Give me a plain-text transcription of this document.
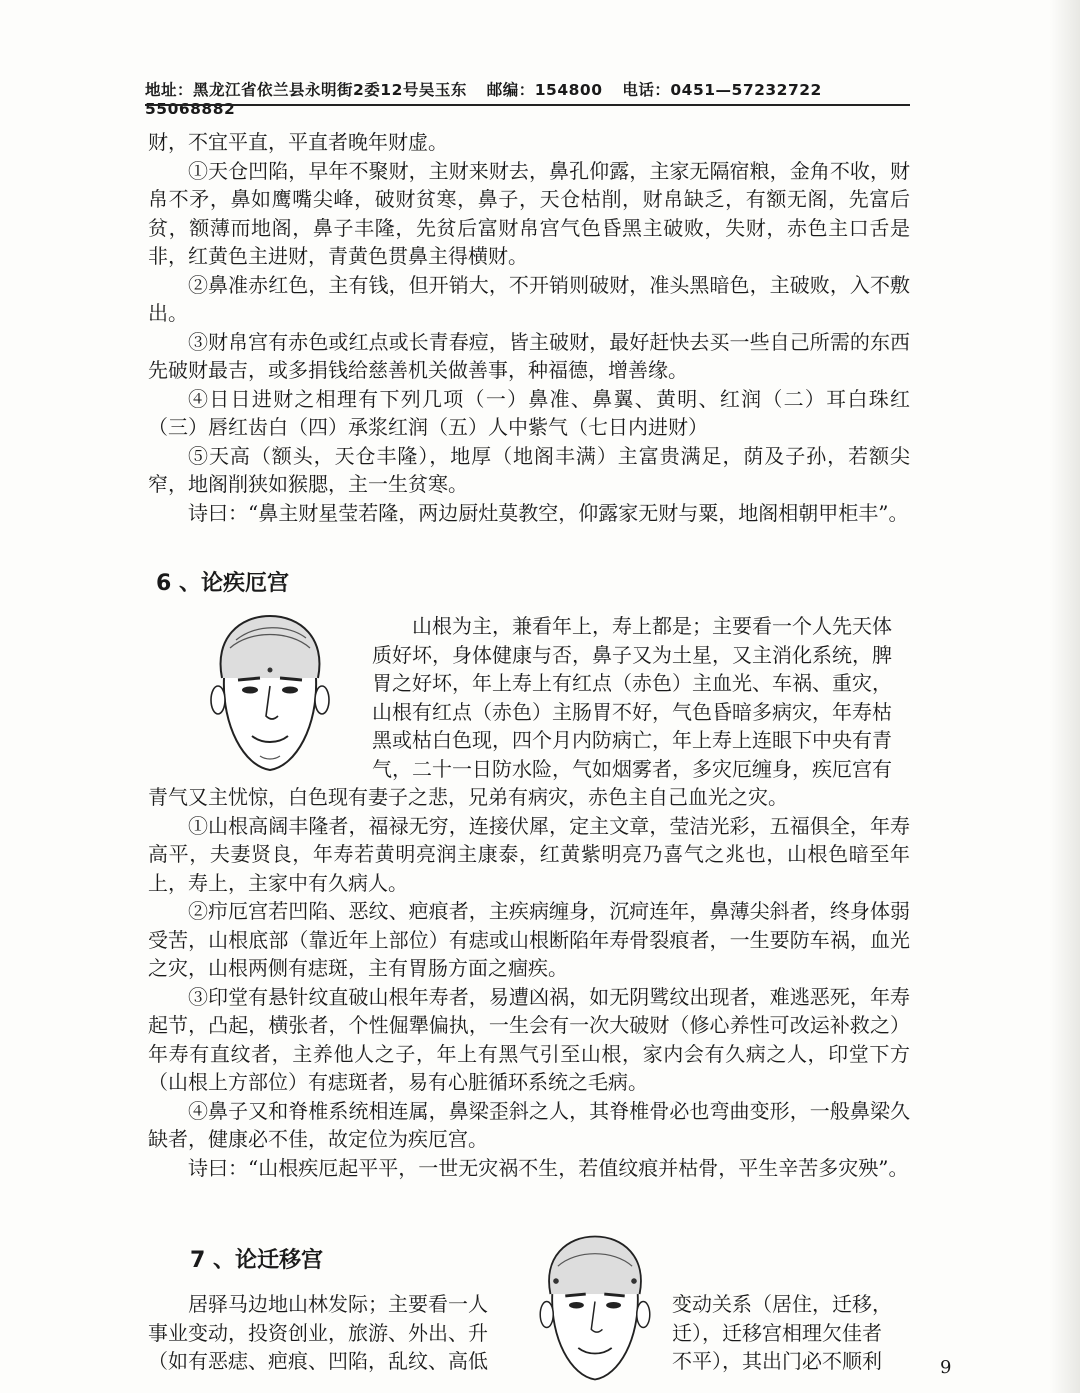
地址：黑龙江省依兰县永明街2委12号吴玉东 邮编：154800 电话：0451—57232722 55068882

财，不宜平直，平直者晚年财虚。

①天仓凹陷，早年不聚财，主财来财去，鼻孔仰露，主家无隔宿粮，金角不收，财帛不矛，鼻如鹰嘴尖峰，破财贫寒，鼻子，天仓枯削，财帛缺乏，有额无阁，先富后贫，额薄而地阁，鼻子丰隆，先贫后富财帛宫气色昏黑主破败，失财，赤色主口舌是非，红黄色主进财，青黄色贯鼻主得横财。

②鼻准赤红色，主有钱，但开销大，不开销则破财，准头黑暗色，主破败，入不敷出。

③财帛宫有赤色或红点或长青春痘，皆主破财，最好赶快去买一些自己所需的东西先破财最吉，或多捐钱给慈善机关做善事，种福德，增善缘。

④日日进财之相理有下列几项（一）鼻准、鼻翼、黄明、红润（二）耳白珠红（三）唇红齿白（四）承浆红润（五）人中紫气（七日内进财）

⑤天高（额头，天仓丰隆），地厚（地阁丰满）主富贵满足，荫及子孙，若额尖窄，地阁削狭如猴腮，主一生贫寒。

诗曰：“鼻主财星莹若隆，两边厨灶莫教空，仰露家无财与粟，地阁相朝甲柜丰”。

6 、论疾厄宫

山根为主，兼看年上，寿上都是；主要看一个人先天体

质好坏，身体健康与否，鼻子又为土星，又主消化系统，脾

胃之好坏，年上寿上有红点（赤色）主血光、车祸、重灾，

山根有红点（赤色）主肠胃不好，气色昏暗多病灾，年寿枯

黑或枯白色现，四个月内防病亡，年上寿上连眼下中央有青

气，二十一日防水险，气如烟雾者，多灾厄缠身，疾厄宫有

青气又主忧惊，白色现有妻子之悲，兄弟有病灾，赤色主自己血光之灾。

①山根高阔丰隆者，福禄无穷，连接伏犀，定主文章，莹洁光彩，五福俱全，年寿高平，夫妻贤良，年寿若黄明亮润主康泰，红黄紫明亮乃喜气之兆也，山根色暗至年上，寿上，主家中有久病人。

②疖厄宫若凹陷、恶纹、疤痕者，主疾病缠身，沉疴连年，鼻薄尖斜者，终身体弱受苦，山根底部（靠近年上部位）有痣或山根断陷年寿骨裂痕者，一生要防车祸，血光之灾，山根两侧有痣斑，主有胃肠方面之痼疾。

③印堂有悬针纹直破山根年寿者，易遭凶祸，如无阴骘纹出现者，难逃恶死，年寿起节，凸起，横张者，个性倔犟偏执，一生会有一次大破财（修心养性可改运补救之）年寿有直纹者，主养他人之子，年上有黑气引至山根，家内会有久病之人，印堂下方（山根上方部位）有痣斑者，易有心脏循环系统之毛病。

④鼻子又和脊椎系统相连属，鼻梁歪斜之人，其脊椎骨必也弯曲变形，一般鼻梁久缺者，健康必不佳，故定位为疾厄宫。

诗曰：“山根疾厄起平平，一世无灾祸不生，若值纹痕并枯骨，平生辛苦多灾殃”。

7 、论迁移宫

居驿马边地山林发际；主要看一人

事业变动，投资创业，旅游、外出、升

（如有恶痣、疤痕、凹陷，乱纹、高低

变动关系（居住，迁移，

迁），迁移宫相理欠佳者

不平），其出门必不顺利	9
